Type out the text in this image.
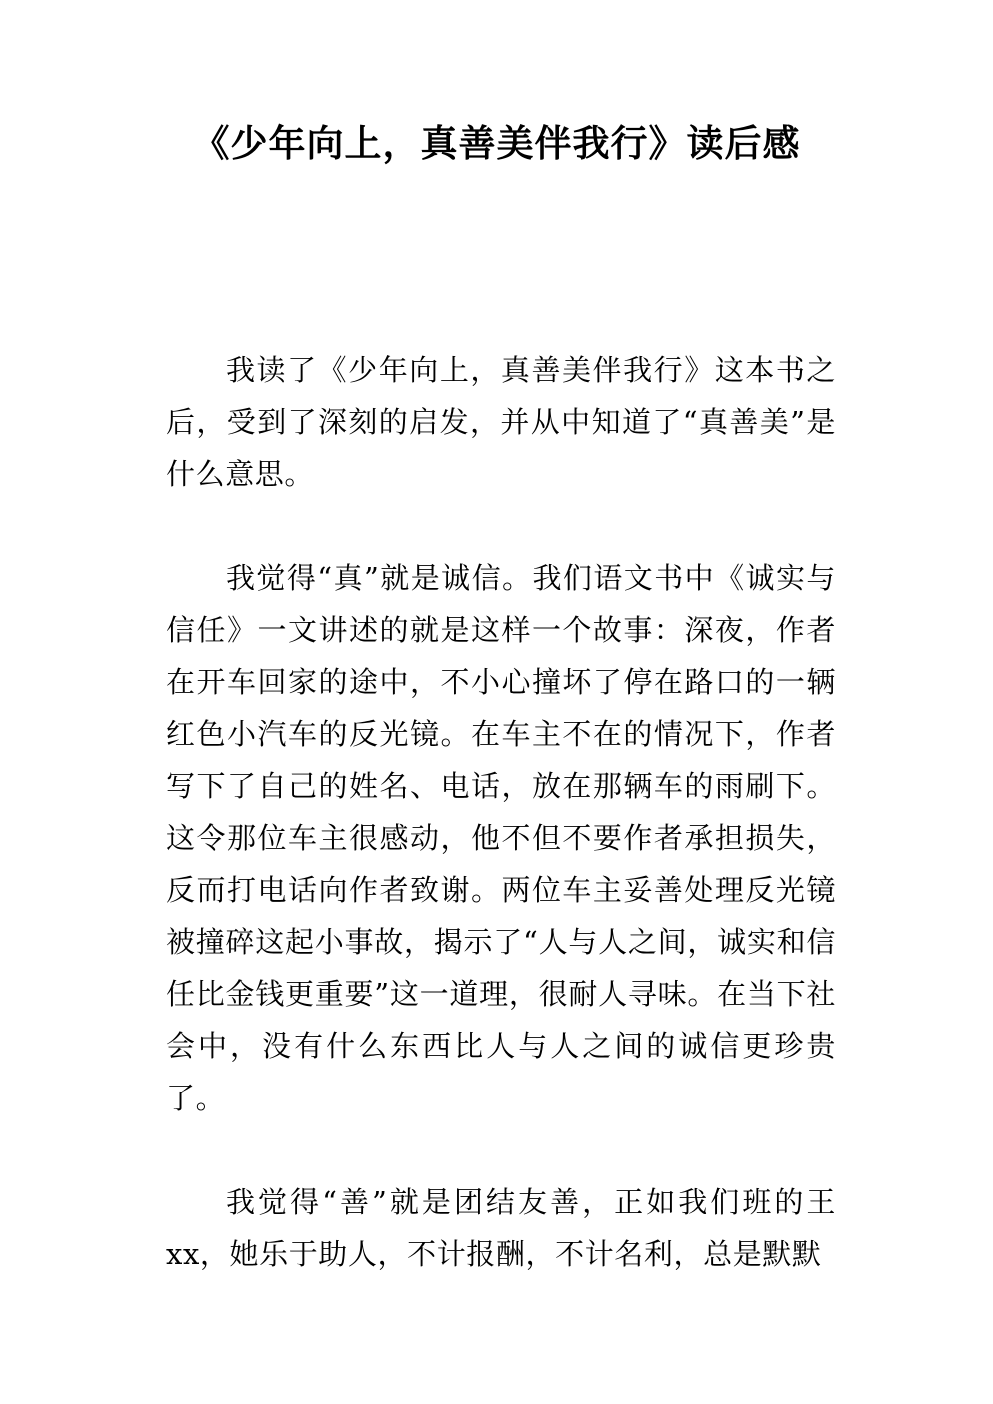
《少年向上，真善美伴我行》读后感

我读了《少年向上，真善美伴我行》这本书之后，受到了深刻的启发，并从中知道了“真善美”是什么意思。

我觉得“真”就是诚信。我们语文书中《诚实与信任》一文讲述的就是这样一个故事：深夜，作者在开车回家的途中，不小心撞坏了停在路口的一辆红色小汽车的反光镜。在车主不在的情况下，作者写下了自己的姓名、电话，放在那辆车的雨刷下。这令那位车主很感动，他不但不要作者承担损失，反而打电话向作者致谢。两位车主妥善处理反光镜被撞碎这起小事故，揭示了“人与人之间，诚实和信任比金钱更重要”这一道理，很耐人寻味。在当下社会中，没有什么东西比人与人之间的诚信更珍贵了。

我觉得“善”就是团结友善，正如我们班的王xx，她乐于助人，不计报酬，不计名利，总是默默
